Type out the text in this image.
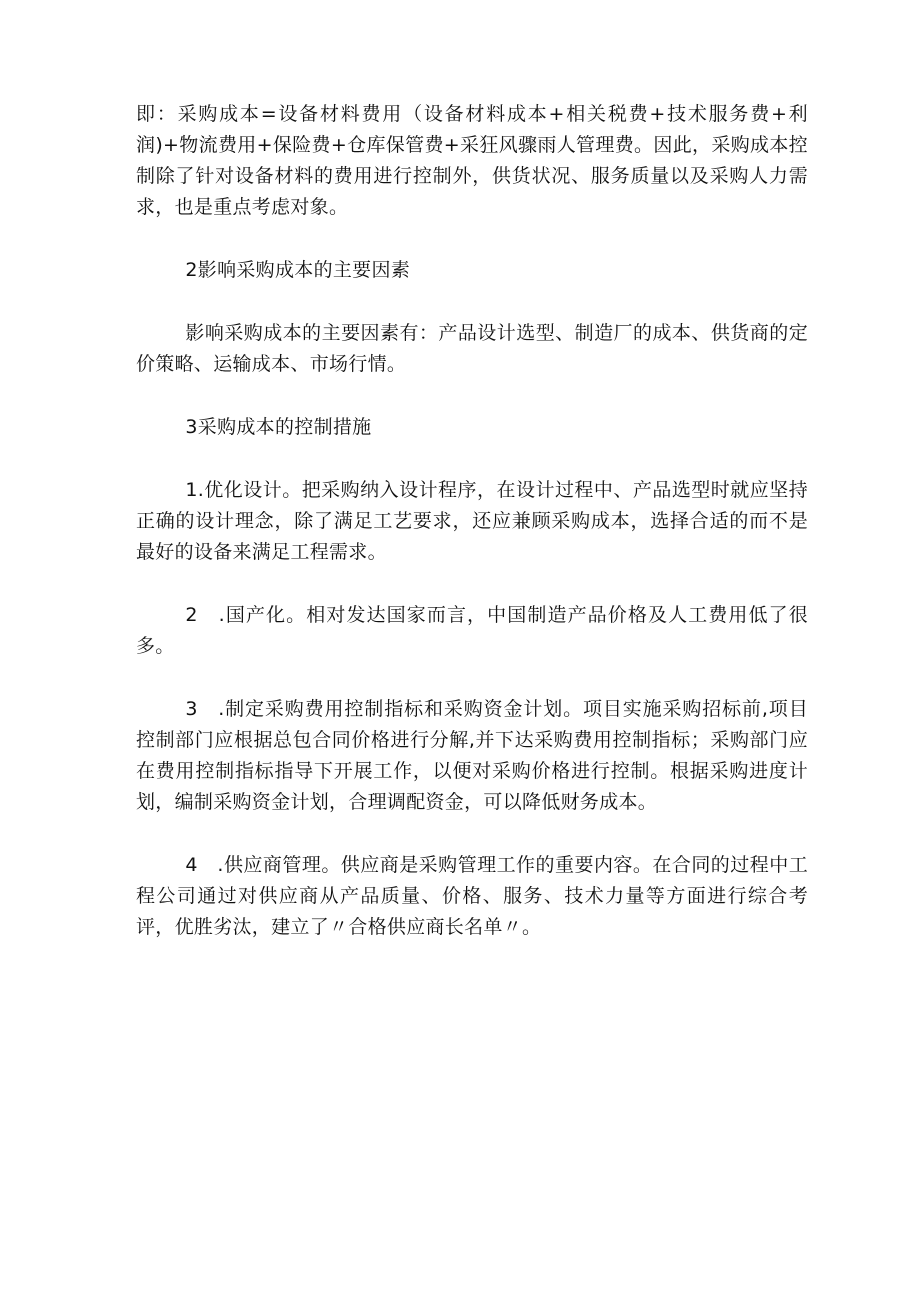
即：采购成本=设备材料费用（设备材料成本+相关税费+技术服务费+利润)+物流费用+保险费+仓库保管费+采狂风骤雨人管理费。因此，采购成本控制除了针对设备材料的费用进行控制外，供货状况、服务质量以及采购人力需求，也是重点考虑对象。

2影响采购成本的主要因素

影响采购成本的主要因素有：产品设计选型、制造厂的成本、供货商的定价策略、运输成本、市场行情。

3采购成本的控制措施

1.优化设计。把采购纳入设计程序，在设计过程中、产品选型时就应坚持正确的设计理念，除了满足工艺要求，还应兼顾采购成本，选择合适的而不是最好的设备来满足工程需求。

2　.国产化。相对发达国家而言，中国制造产品价格及人工费用低了很多。

3　.制定采购费用控制指标和采购资金计划。项目实施采购招标前,项目控制部门应根据总包合同价格进行分解,并下达采购费用控制指标；采购部门应在费用控制指标指导下开展工作，以便对采购价格进行控制。根据采购进度计划，编制采购资金计划，合理调配资金，可以降低财务成本。

4　.供应商管理。供应商是采购管理工作的重要内容。在合同的过程中工程公司通过对供应商从产品质量、价格、服务、技术力量等方面进行综合考评，优胜劣汰，建立了〃合格供应商长名单〃。
